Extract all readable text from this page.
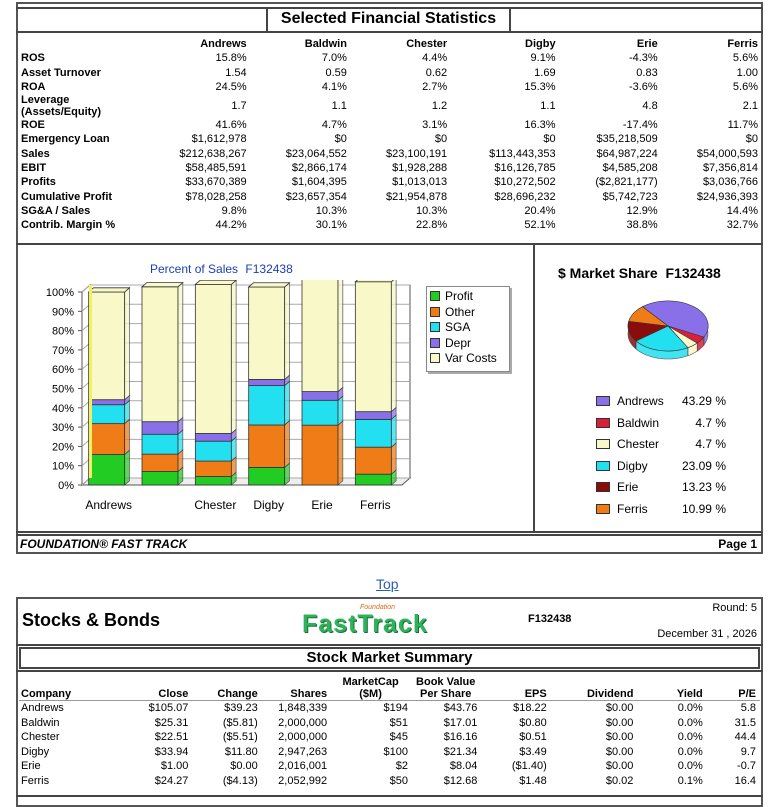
Selected Financial Statistics
	Andrews	Baldwin	Chester	Digby	Erie	Ferris
ROS	15.8%	7.0%	4.4%	9.1%	-4.3%	5.6%
Asset Turnover	1.54	0.59	0.62	1.69	0.83	1.00
ROA	24.5%	4.1%	2.7%	15.3%	-3.6%	5.6%
Leverage (Assets/Equity)	1.7	1.1	1.2	1.1	4.8	2.1
ROE	41.6%	4.7%	3.1%	16.3%	-17.4%	11.7%
Emergency Loan	$1,612,978	$0	$0	$0	$35,218,509	$0
Sales	$212,638,267	$23,064,552	$23,100,191	$113,443,353	$64,987,224	$54,000,593
EBIT	$58,485,591	$2,866,174	$1,928,288	$16,126,785	$4,585,208	$7,356,814
Profits	$33,670,389	$1,604,395	$1,013,013	$10,272,502	($2,821,177)	$3,036,766
Cumulative Profit	$78,028,258	$23,657,354	$21,954,878	$28,696,232	$5,742,723	$24,936,393
SG&A / Sales	9.8%	10.3%	10.3%	20.4%	12.9%	14.4%
Contrib. Margin %	44.2%	30.1%	22.8%	52.1%	38.8%	32.7%
Percent of Sales F132438
100%
90%
80%
70%
60%
50%
40%
30%
20%
10%
0%
Andrews	Chester Digby Erie Ferris
Profit
Other
SGA
Depr
Var Costs
$ Market Share F132438
Andrews 43.29 %
Baldwin	4.7 %
Chester	4.7 %
Digby	23.09 %
Erie	13.23 %
Ferris	10.99 %
FOUNDATION® FAST TRACK	Page 1
Top
Stocks & Bonds
Foundation
FastTrack	F132438
Round: 5
December 31 , 2026
Stock Market Summary
Company	Close	Change	Shares	MarketCap ($M)	Book Value Per Share	EPS	Dividend	Yield	P/E

Andrews	$105.07	$39.23	1,848,339	$194	$43.76	$18.22	$0.00	0.0%	5.8
Baldwin	$25.31	($5.81)	2,000,000	$51	$17.01	$0.80	$0.00	0.0%	31.5
Chester	$22.51	($5.51)	2,000,000	$45	$16.16	$0.51	$0.00	0.0%	44.4
Digby	$33.94	$11.80	2,947,263	$100	$21.34	$3.49	$0.00	0.0%	9.7
Erie	$1.00	$0.00	2,016,001	$2	$8.04	($1.40)	$0.00	0.0%	-0.7
Ferris	$24.27	($4.13)	2,052,992	$50	$12.68	$1.48	$0.02	0.1%	16.4
